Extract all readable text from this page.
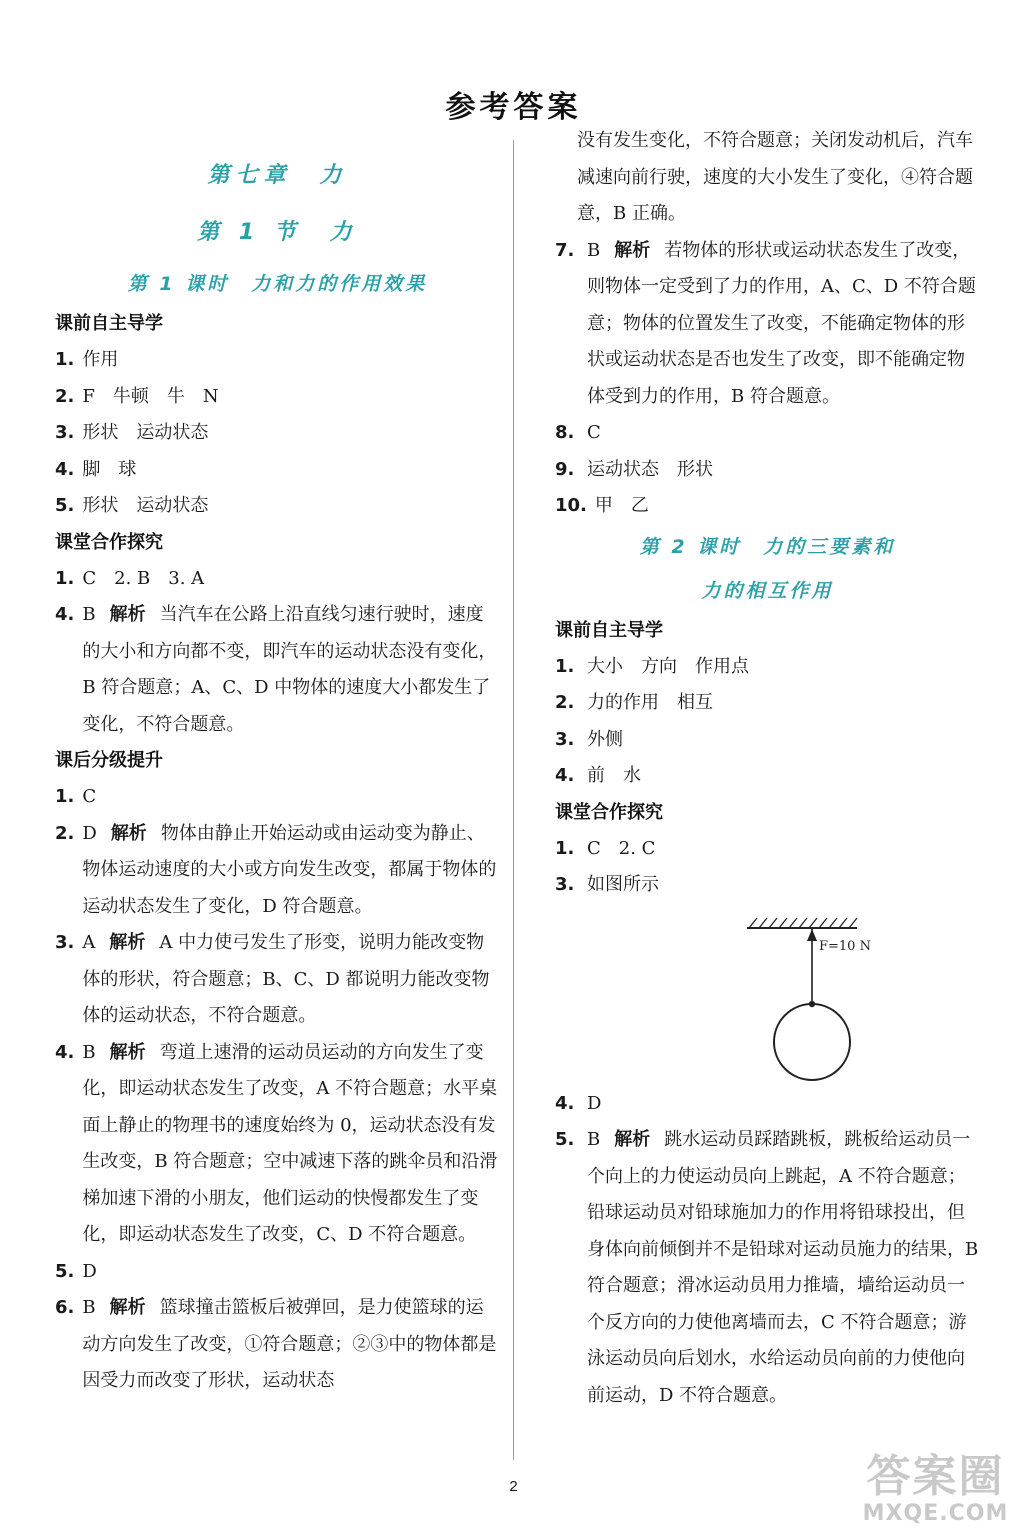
参考答案
第七章　力
第 1 节　力
第 1 课时　力和力的作用效果
课前自主导学
1. 作用
2. F　牛顿　牛　N
3. 形状　运动状态
4. 脚　球
5. 形状　运动状态
课堂合作探究
1. C　2. B　3. A
4. B 解析 当汽车在公路上沿直线匀速行驶时，速度的大小和方向都不变，即汽车的运动状态没有变化，B 符合题意；A、C、D 中物体的速度大小都发生了变化，不符合题意。
课后分级提升
1. C
2. D 解析 物体由静止开始运动或由运动变为静止、物体运动速度的大小或方向发生改变，都属于物体的运动状态发生了变化，D 符合题意。
3. A 解析 A 中力使弓发生了形变，说明力能改变物体的形状，符合题意；B、C、D 都说明力能改变物体的运动状态，不符合题意。
4. B 解析 弯道上速滑的运动员运动的方向发生了变化，即运动状态发生了改变，A 不符合题意；水平桌面上静止的物理书的速度始终为 0，运动状态没有发生改变，B 符合题意；空中减速下落的跳伞员和沿滑梯加速下滑的小朋友，他们运动的快慢都发生了变化，即运动状态发生了改变，C、D 不符合题意。
5. D
6. B 解析 篮球撞击篮板后被弹回，是力使篮球的运动方向发生了改变，①符合题意；②③中的物体都是因受力而改变了形状，运动状态
没有发生变化，不符合题意；关闭发动机后，汽车减速向前行驶，速度的大小发生了变化，④符合题意，B 正确。
7. B 解析 若物体的形状或运动状态发生了改变，则物体一定受到了力的作用，A、C、D 不符合题意；物体的位置发生了改变，不能确定物体的形状或运动状态是否也发生了改变，即不能确定物体受到力的作用，B 符合题意。
8. C
9. 运动状态　形状
10. 甲　乙
第 2 课时　力的三要素和
力的相互作用
课前自主导学
1. 大小　方向　作用点
2. 力的作用　相互
3. 外侧
4. 前　水
课堂合作探究
1. C　2. C
3. 如图所示
F=10 N
4. D
5. B 解析 跳水运动员踩踏跳板，跳板给运动员一个向上的力使运动员向上跳起，A 不符合题意；铅球运动员对铅球施加力的作用将铅球投出，但身体向前倾倒并不是铅球对运动员施力的结果，B 符合题意；滑冰运动员用力推墙，墙给运动员一个反方向的力使他离墙而去，C 不符合题意；游泳运动员向后划水，水给运动员向前的力使他向前运动，D 不符合题意。
2	答案圈
MXQE.COM
